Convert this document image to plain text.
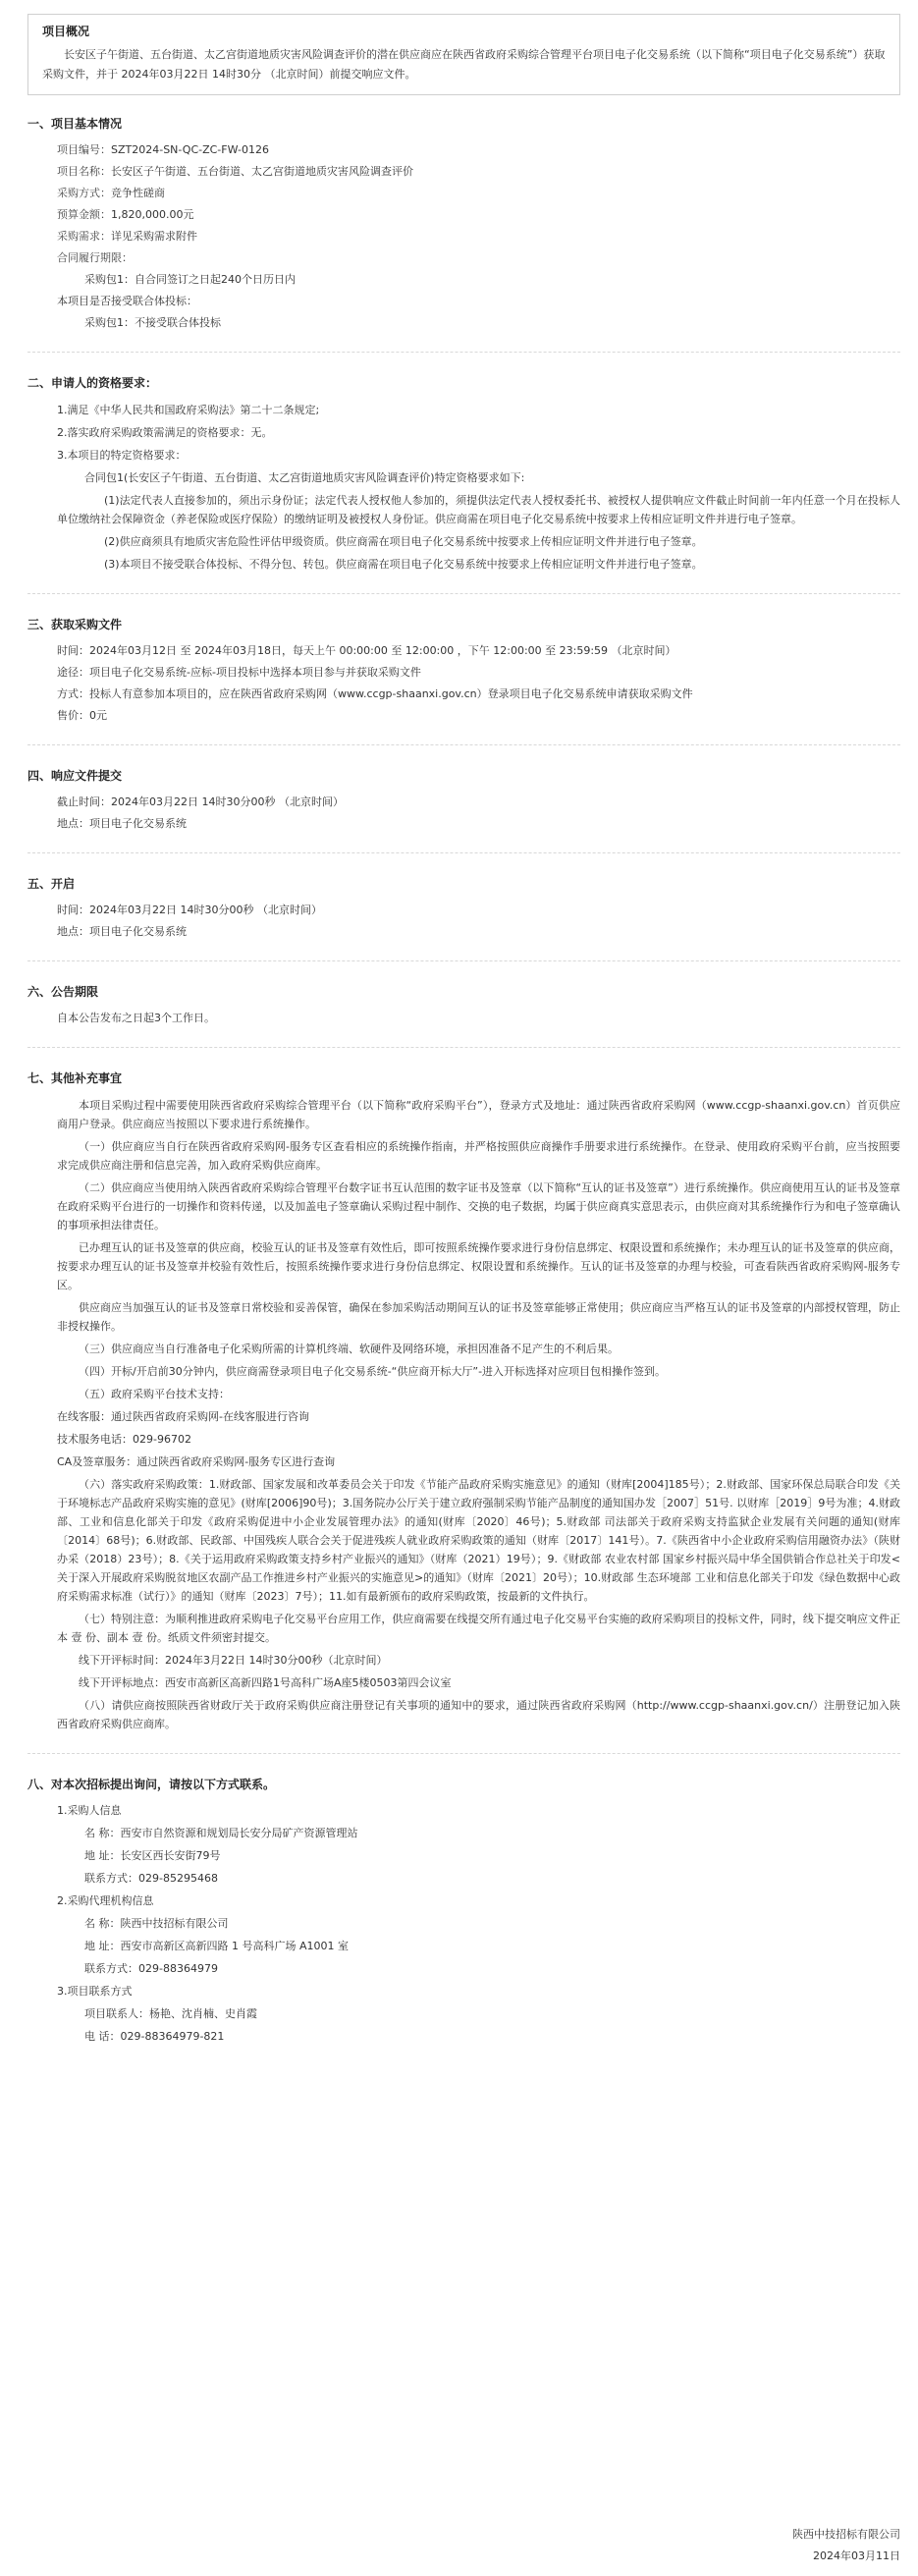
项目概况
长安区子午街道、五台街道、太乙宫街道地质灾害风险调查评价的潜在供应商应在陕西省政府采购综合管理平台项目电子化交易系统（以下简称“项目电子化交易系统”）获取采购文件，并于 2024年03月22日 14时30分 （北京时间）前提交响应文件。
一、项目基本情况
项目编号：SZT2024-SN-QC-ZC-FW-0126
项目名称：长安区子午街道、五台街道、太乙宫街道地质灾害风险调查评价
采购方式：竞争性磋商
预算金额：1,820,000.00元
采购需求：详见采购需求附件
合同履行期限：
采购包1：自合同签订之日起240个日历日内
本项目是否接受联合体投标：
采购包1：不接受联合体投标
二、申请人的资格要求：
1.满足《中华人民共和国政府采购法》第二十二条规定;
2.落实政府采购政策需满足的资格要求：无。
3.本项目的特定资格要求：
合同包1(长安区子午街道、五台街道、太乙宫街道地质灾害风险调查评价)特定资格要求如下:
(1)法定代表人直接参加的，须出示身份证；法定代表人授权他人参加的，须提供法定代表人授权委托书、被授权人提供响应文件截止时间前一年内任意一个月在投标人单位缴纳社会保障资金（养老保险或医疗保险）的缴纳证明及被授权人身份证。供应商需在项目电子化交易系统中按要求上传相应证明文件并进行电子签章。
(2)供应商须具有地质灾害危险性评估甲级资质。供应商需在项目电子化交易系统中按要求上传相应证明文件并进行电子签章。
(3)本项目不接受联合体投标、不得分包、转包。供应商需在项目电子化交易系统中按要求上传相应证明文件并进行电子签章。
三、获取采购文件
时间：2024年03月12日 至 2024年03月18日，每天上午 00:00:00 至 12:00:00 ，下午 12:00:00 至 23:59:59 （北京时间）
途径：项目电子化交易系统-应标-项目投标中选择本项目参与并获取采购文件
方式：投标人有意参加本项目的，应在陕西省政府采购网（www.ccgp-shaanxi.gov.cn）登录项目电子化交易系统申请获取采购文件
售价：0元
四、响应文件提交
截止时间：2024年03月22日 14时30分00秒 （北京时间）
地点：项目电子化交易系统
五、开启
时间：2024年03月22日 14时30分00秒 （北京时间）
地点：项目电子化交易系统
六、公告期限
自本公告发布之日起3个工作日。
七、其他补充事宜
本项目采购过程中需要使用陕西省政府采购综合管理平台（以下简称“政府采购平台”），登录方式及地址：通过陕西省政府采购网（www.ccgp-shaanxi.gov.cn）首页供应商用户登录。供应商应当按照以下要求进行系统操作。
（一）供应商应当自行在陕西省政府采购网-服务专区查看相应的系统操作指南，并严格按照供应商操作手册要求进行系统操作。在登录、使用政府采购平台前，应当按照要求完成供应商注册和信息完善，加入政府采购供应商库。
（二）供应商应当使用纳入陕西省政府采购综合管理平台数字证书互认范围的数字证书及签章（以下简称“互认的证书及签章”）进行系统操作。供应商使用互认的证书及签章在政府采购平台进行的一切操作和资料传递，以及加盖电子签章确认采购过程中制作、交换的电子数据，均属于供应商真实意思表示，由供应商对其系统操作行为和电子签章确认的事项承担法律责任。
已办理互认的证书及签章的供应商，校验互认的证书及签章有效性后，即可按照系统操作要求进行身份信息绑定、权限设置和系统操作；未办理互认的证书及签章的供应商，按要求办理互认的证书及签章并校验有效性后，按照系统操作要求进行身份信息绑定、权限设置和系统操作。互认的证书及签章的办理与校验，可查看陕西省政府采购网-服务专区。
供应商应当加强互认的证书及签章日常校验和妥善保管，确保在参加采购活动期间互认的证书及签章能够正常使用；供应商应当严格互认的证书及签章的内部授权管理，防止非授权操作。
（三）供应商应当自行准备电子化采购所需的计算机终端、软硬件及网络环境，承担因准备不足产生的不利后果。
（四）开标/开启前30分钟内，供应商需登录项目电子化交易系统-“供应商开标大厅”-进入开标选择对应项目包相操作签到。
（五）政府采购平台技术支持：
在线客服：通过陕西省政府采购网-在线客服进行咨询
技术服务电话：029-96702
CA及签章服务：通过陕西省政府采购网-服务专区进行查询
（六）落实政府采购政策：1.财政部、国家发展和改革委员会关于印发《节能产品政府采购实施意见》的通知（财库[2004]185号）；2.财政部、国家环保总局联合印发《关于环境标志产品政府采购实施的意见》(财库[2006]90号)；3.国务院办公厅关于建立政府强制采购节能产品制度的通知国办发［2007］51号. 以财库［2019］9号为准；4.财政部、工业和信息化部关于印发《政府采购促进中小企业发展管理办法》的通知(财库〔2020〕46号)；5.财政部 司法部关于政府采购支持监狱企业发展有关问题的通知(财库〔2014〕68号)；6.财政部、民政部、中国残疾人联合会关于促进残疾人就业政府采购政策的通知（财库〔2017〕141号）。7.《陕西省中小企业政府采购信用融资办法》（陕财办采（2018）23号）；8.《关于运用政府采购政策支持乡村产业振兴的通知》（财库（2021）19号）；9.《财政部 农业农村部 国家乡村振兴局中华全国供销合作总社关于印发<关于深入开展政府采购脱贫地区农副产品工作推进乡村产业振兴的实施意见>的通知》（财库〔2021〕20号）；10.财政部 生态环境部 工业和信息化部关于印发《绿色数据中心政府采购需求标准（试行）》的通知（财库〔2023〕7号）；11.如有最新颁布的政府采购政策，按最新的文件执行。
（七）特别注意：为顺利推进政府采购电子化交易平台应用工作，供应商需要在线提交所有通过电子化交易平台实施的政府采购项目的投标文件，同时，线下提交响应文件正本 壹 份、副本 壹 份。纸质文件须密封提交。
线下开评标时间：2024年3月22日 14时30分00秒（北京时间）
线下开评标地点：西安市高新区高新四路1号高科广场A座5楼0503第四会议室
（八）请供应商按照陕西省财政厅关于政府采购供应商注册登记有关事项的通知中的要求，通过陕西省政府采购网（http://www.ccgp-shaanxi.gov.cn/）注册登记加入陕西省政府采购供应商库。
八、对本次招标提出询问，请按以下方式联系。
1.采购人信息
名 称：西安市自然资源和规划局长安分局矿产资源管理站
地 址：长安区西长安街79号
联系方式：029-85295468
2.采购代理机构信息
名 称：陕西中技招标有限公司
地 址：西安市高新区高新四路 1 号高科广场 A1001 室
联系方式：029-88364979
3.项目联系方式
项目联系人：杨艳、沈肖楠、史肖霞
电 话：029-88364979-821
陕西中技招标有限公司
2024年03月11日
